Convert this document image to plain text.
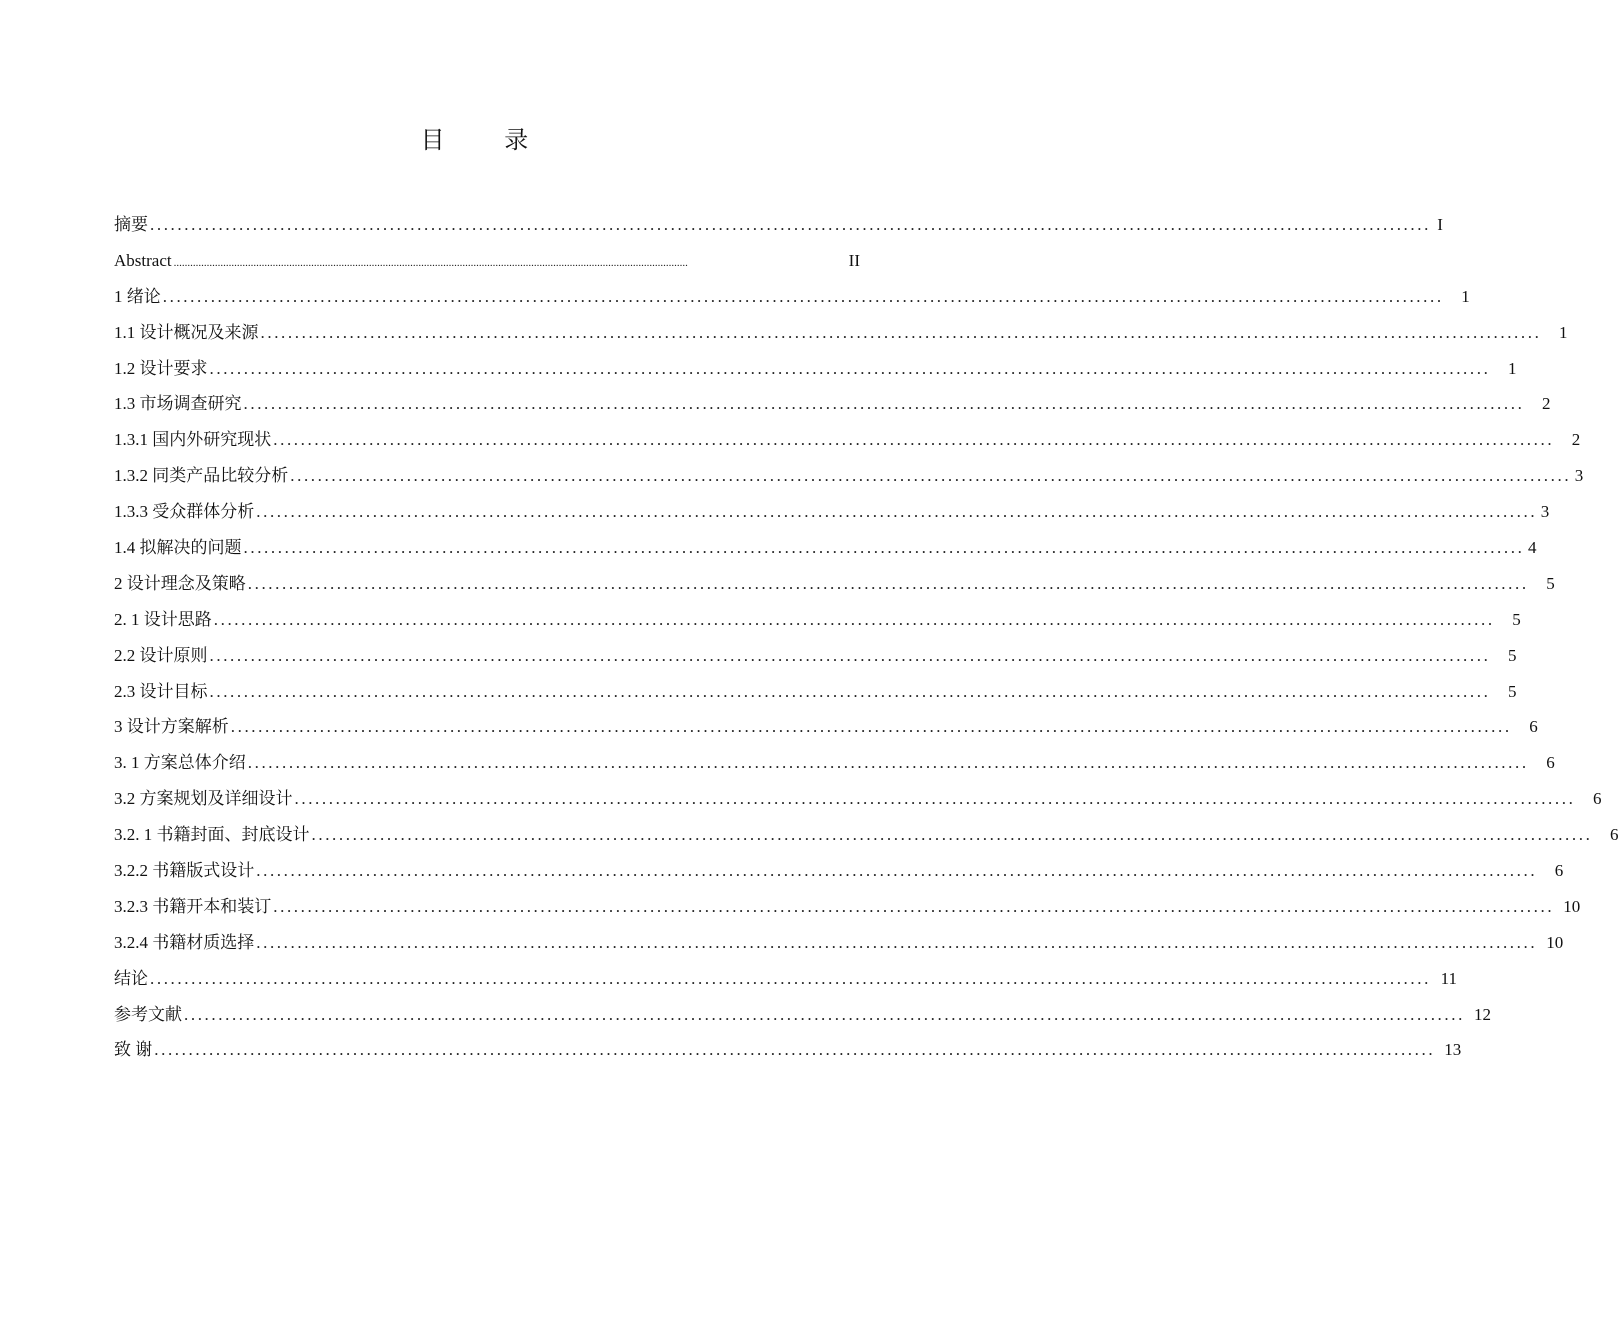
目 录
摘要 ........................................................................................................................................................................................... I
Abstract ...........................................................................................................................................................................................	II
1 绪论 ...........................................................................................................................................................................................	1
1.1 设计概况及来源 ...........................................................................................................................................................................................	1
1.2 设计要求 ...........................................................................................................................................................................................	1
1.3 市场调查研究 ...........................................................................................................................................................................................	2
1.3.1 国内外研究现状 ...........................................................................................................................................................................................	2
1.3.2 同类产品比较分析 ........................................................................................................................................................................................... 3
1.3.3 受众群体分析 ........................................................................................................................................................................................... 3
1.4 拟解决的问题 ........................................................................................................................................................................................... 4
2 设计理念及策略 ...........................................................................................................................................................................................	5
2. 1 设计思路 ...........................................................................................................................................................................................	5
2.2 设计原则 ...........................................................................................................................................................................................	5
2.3 设计目标 ...........................................................................................................................................................................................	5
3 设计方案解析 ...........................................................................................................................................................................................	6
3. 1 方案总体介绍 ...........................................................................................................................................................................................	6
3.2 方案规划及详细设计 ...........................................................................................................................................................................................	6
3.2. 1 书籍封面、封底设计 ...........................................................................................................................................................................................	6
3.2.2 书籍版式设计 ...........................................................................................................................................................................................	6
3.2.3 书籍开本和装订 ........................................................................................................................................................................................... 10
3.2.4 书籍材质选择 ........................................................................................................................................................................................... 10
结论 ........................................................................................................................................................................................... 11
参考文献 ........................................................................................................................................................................................... 12
致 谢 ........................................................................................................................................................................................... 13
